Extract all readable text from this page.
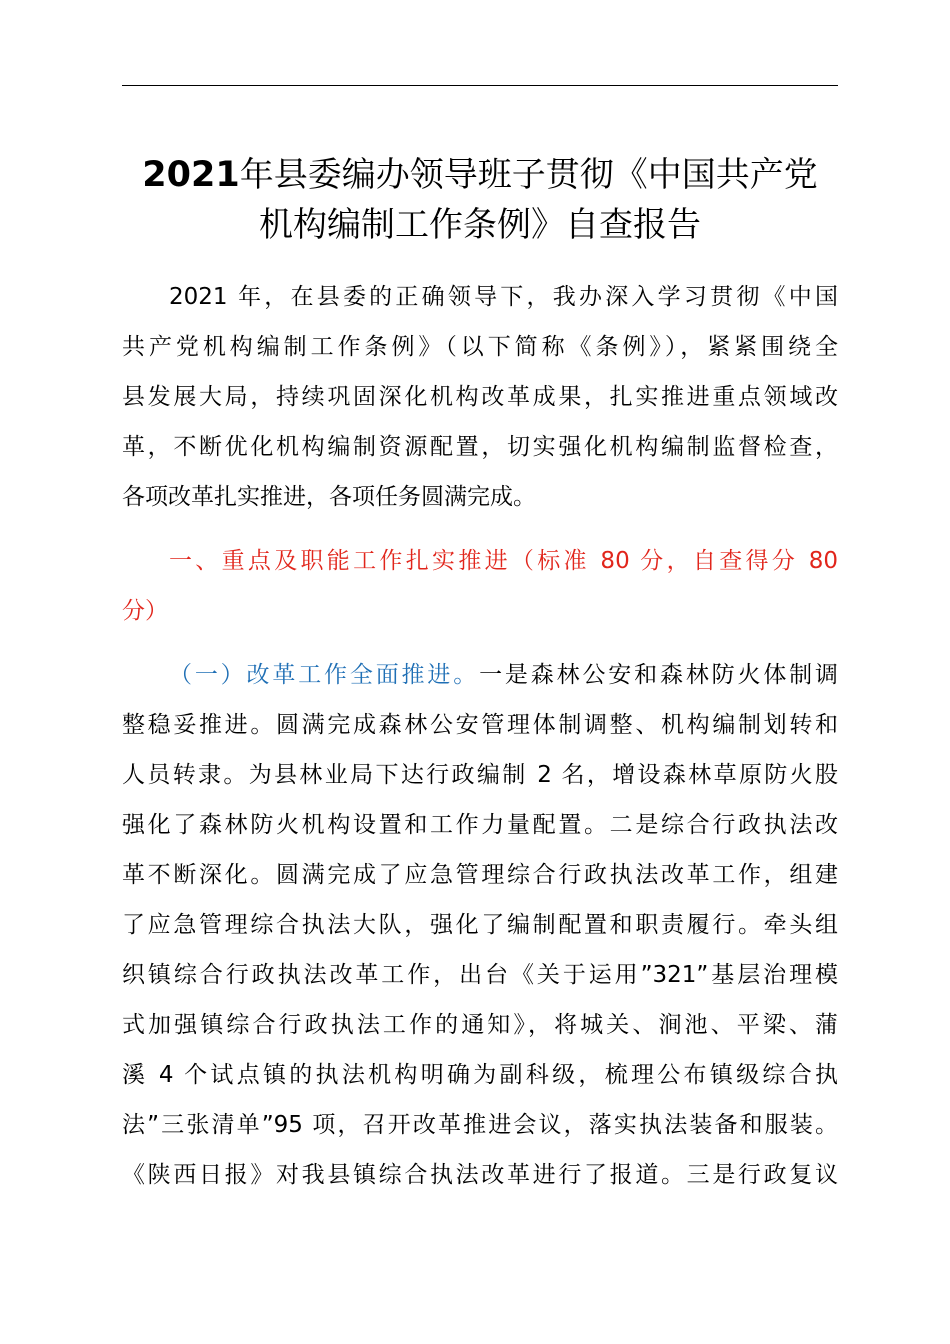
2021年县委编办领导班子贯彻《中国共产党
机构编制工作条例》自查报告

2021 年，在县委的正确领导下，我办深入学习贯彻《中国
共产党机构编制工作条例》（以下简称《条例》），紧紧围绕全
县发展大局，持续巩固深化机构改革成果，扎实推进重点领域改
革，不断优化机构编制资源配置，切实强化机构编制监督检查，
各项改革扎实推进，各项任务圆满完成。

一、重点及职能工作扎实推进（标准 80 分，自查得分 80
分）

（一）改革工作全面推进。一是森林公安和森林防火体制调
整稳妥推进。圆满完成森林公安管理体制调整、机构编制划转和
人员转隶。为县林业局下达行政编制 2 名，增设森林草原防火股
强化了森林防火机构设置和工作力量配置。二是综合行政执法改
革不断深化。圆满完成了应急管理综合行政执法改革工作，组建
了应急管理综合执法大队，强化了编制配置和职责履行。牵头组
织镇综合行政执法改革工作，出台《关于运用”321”基层治理模
式加强镇综合行政执法工作的通知》，将城关、涧池、平梁、蒲
溪 4 个试点镇的执法机构明确为副科级，梳理公布镇级综合执
法”三张清单”95 项，召开改革推进会议，落实执法装备和服装。
《陕西日报》对我县镇综合执法改革进行了报道。三是行政复议
